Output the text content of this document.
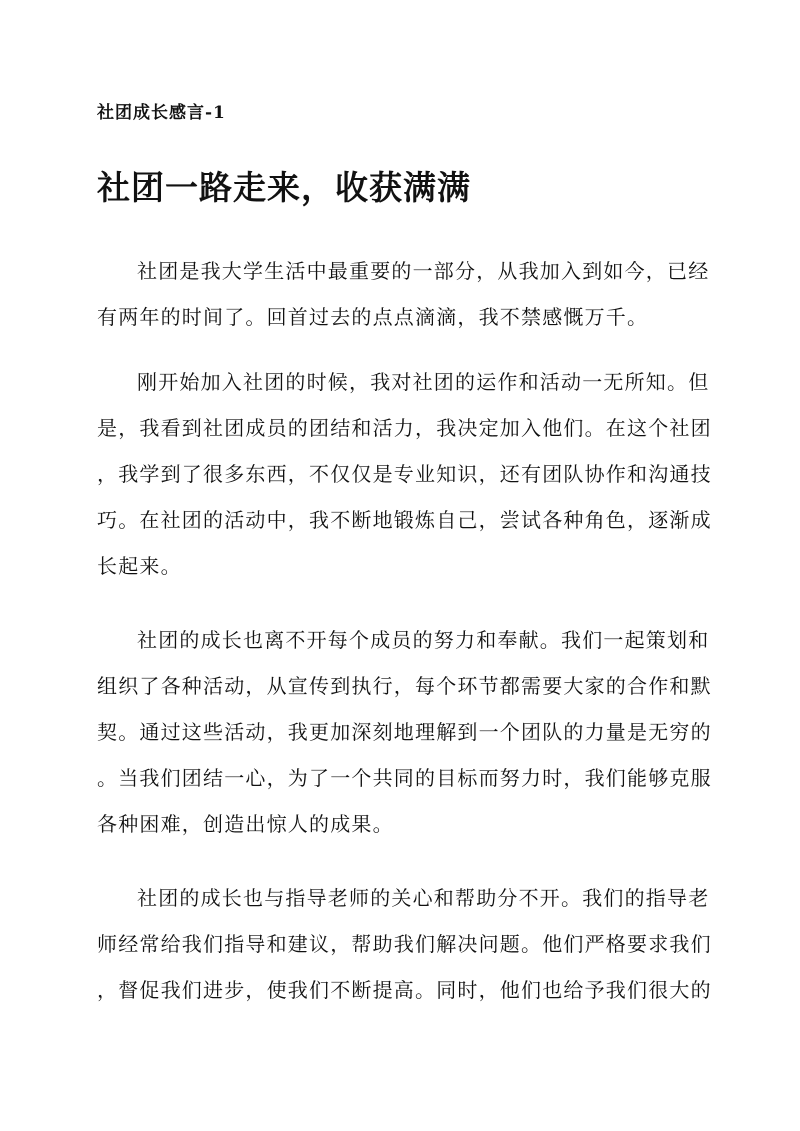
社团成长感言-1
社团一路走来，收获满满
社团是我大学生活中最重要的一部分，从我加入到如今，已经
有两年的时间了。回首过去的点点滴滴，我不禁感慨万千。
刚开始加入社团的时候，我对社团的运作和活动一无所知。但
是，我看到社团成员的团结和活力，我决定加入他们。在这个社团
，我学到了很多东西，不仅仅是专业知识，还有团队协作和沟通技
巧。在社团的活动中，我不断地锻炼自己，尝试各种角色，逐渐成
长起来。
社团的成长也离不开每个成员的努力和奉献。我们一起策划和
组织了各种活动，从宣传到执行，每个环节都需要大家的合作和默
契。通过这些活动，我更加深刻地理解到一个团队的力量是无穷的
。当我们团结一心，为了一个共同的目标而努力时，我们能够克服
各种困难，创造出惊人的成果。
社团的成长也与指导老师的关心和帮助分不开。我们的指导老
师经常给我们指导和建议，帮助我们解决问题。他们严格要求我们
，督促我们进步，使我们不断提高。同时，他们也给予我们很大的
